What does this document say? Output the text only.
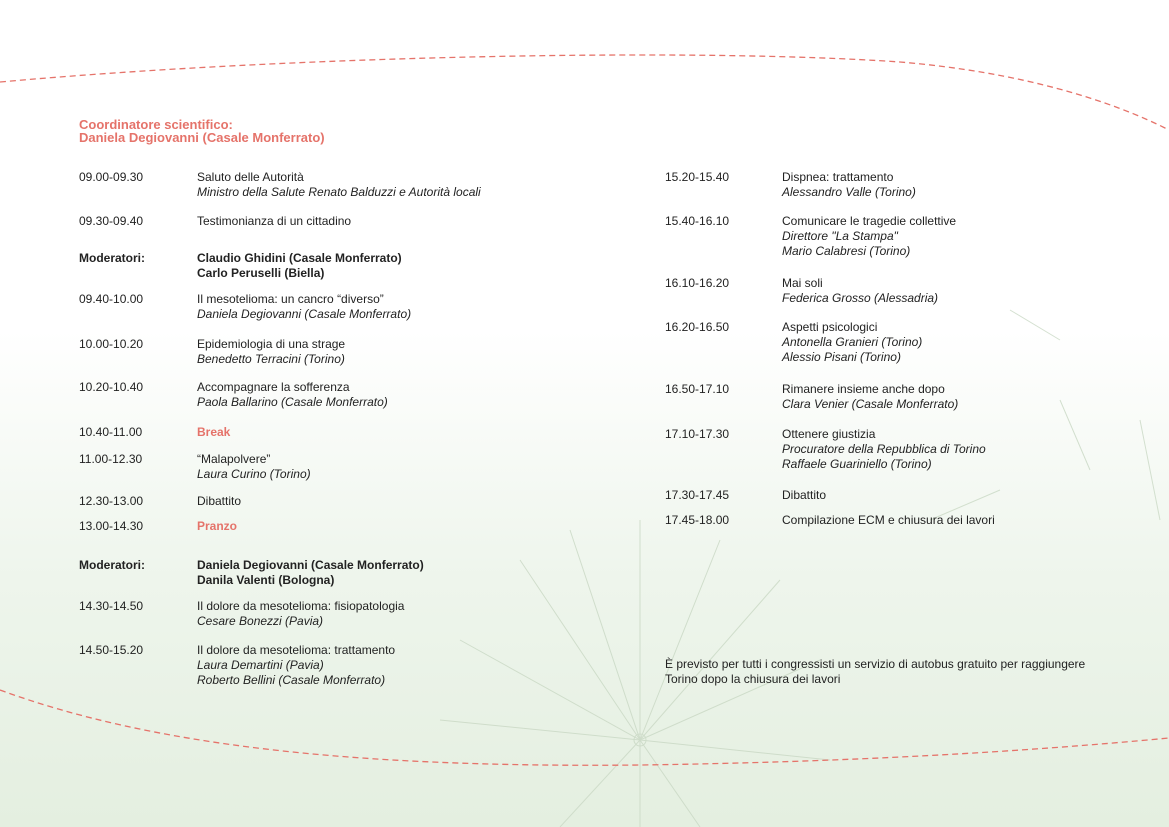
Coordinatore scientifico:
Daniela Degiovanni (Casale Monferrato)
09.00-09.30	Saluto delle Autorità
Ministro della Salute Renato Balduzzi e Autorità locali
09.30-09.40	Testimonianza di un cittadino
Moderatori:	Claudio Ghidini (Casale Monferrato)
Carlo Peruselli (Biella)
09.40-10.00	Il mesotelioma: un cancro “diverso”
Daniela Degiovanni (Casale Monferrato)
10.00-10.20	Epidemiologia di una strage
Benedetto Terracini (Torino)
10.20-10.40	Accompagnare la sofferenza
Paola Ballarino (Casale Monferrato)
10.40-11.00	Break
11.00-12.30	“Malapolvere”
Laura Curino (Torino)
12.30-13.00	Dibattito
13.00-14.30	Pranzo
Moderatori:	Daniela Degiovanni (Casale Monferrato)
Danila Valenti (Bologna)
14.30-14.50	Il dolore da mesotelioma: fisiopatologia
Cesare Bonezzi (Pavia)
14.50-15.20	Il dolore da mesotelioma: trattamento
Laura Demartini (Pavia)
Roberto Bellini (Casale Monferrato)
15.20-15.40	Dispnea: trattamento
Alessandro Valle (Torino)
15.40-16.10	Comunicare le tragedie collettive
Direttore "La Stampa"
Mario Calabresi (Torino)
16.10-16.20	Mai soli
Federica Grosso (Alessadria)
16.20-16.50	Aspetti psicologici
Antonella Granieri (Torino)
Alessio Pisani (Torino)
16.50-17.10	Rimanere insieme anche dopo
Clara Venier (Casale Monferrato)
17.10-17.30	Ottenere giustizia
Procuratore della Repubblica di Torino
Raffaele Guariniello (Torino)
17.30-17.45	Dibattito
17.45-18.00	Compilazione ECM e chiusura dei lavori
È previsto per tutti i congressisti un servizio di autobus gratuito per raggiungere
Torino dopo la chiusura dei lavori
